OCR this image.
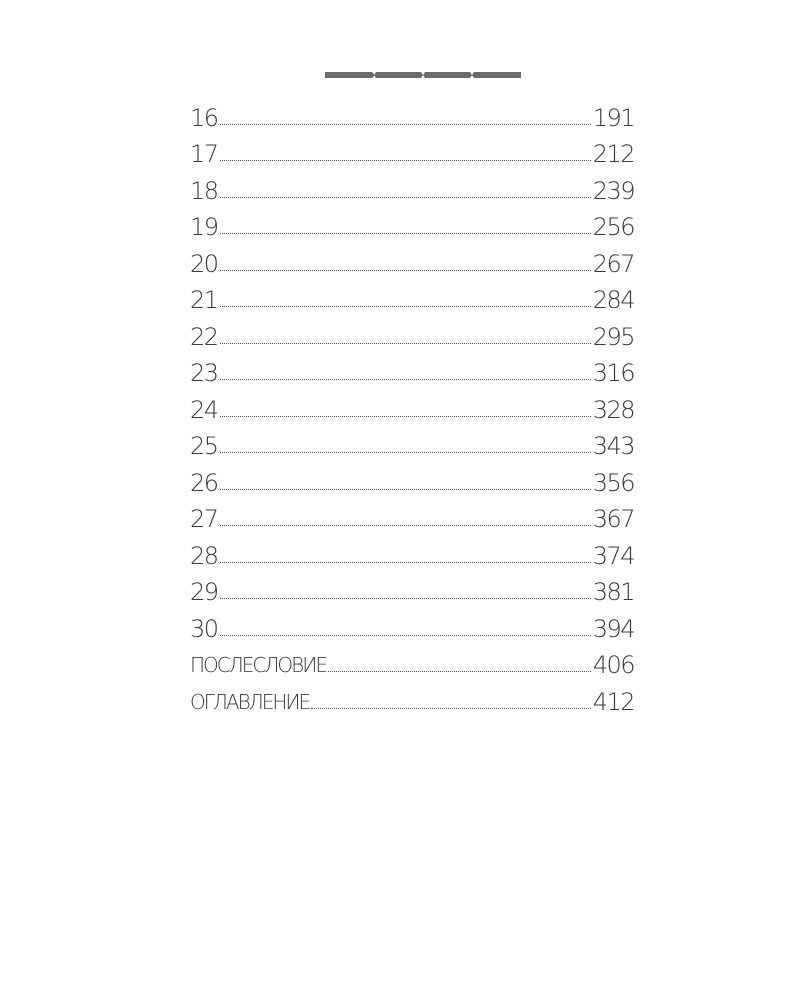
16	191
17	212
18	239
19	256
20	267
21	284
22	295
23	316
24	328
25	343
26	356
27	367
28	374
29	381
30	394
ПОСЛЕСЛОВИЕ	406
ОГЛАВЛЕНИЕ	412
